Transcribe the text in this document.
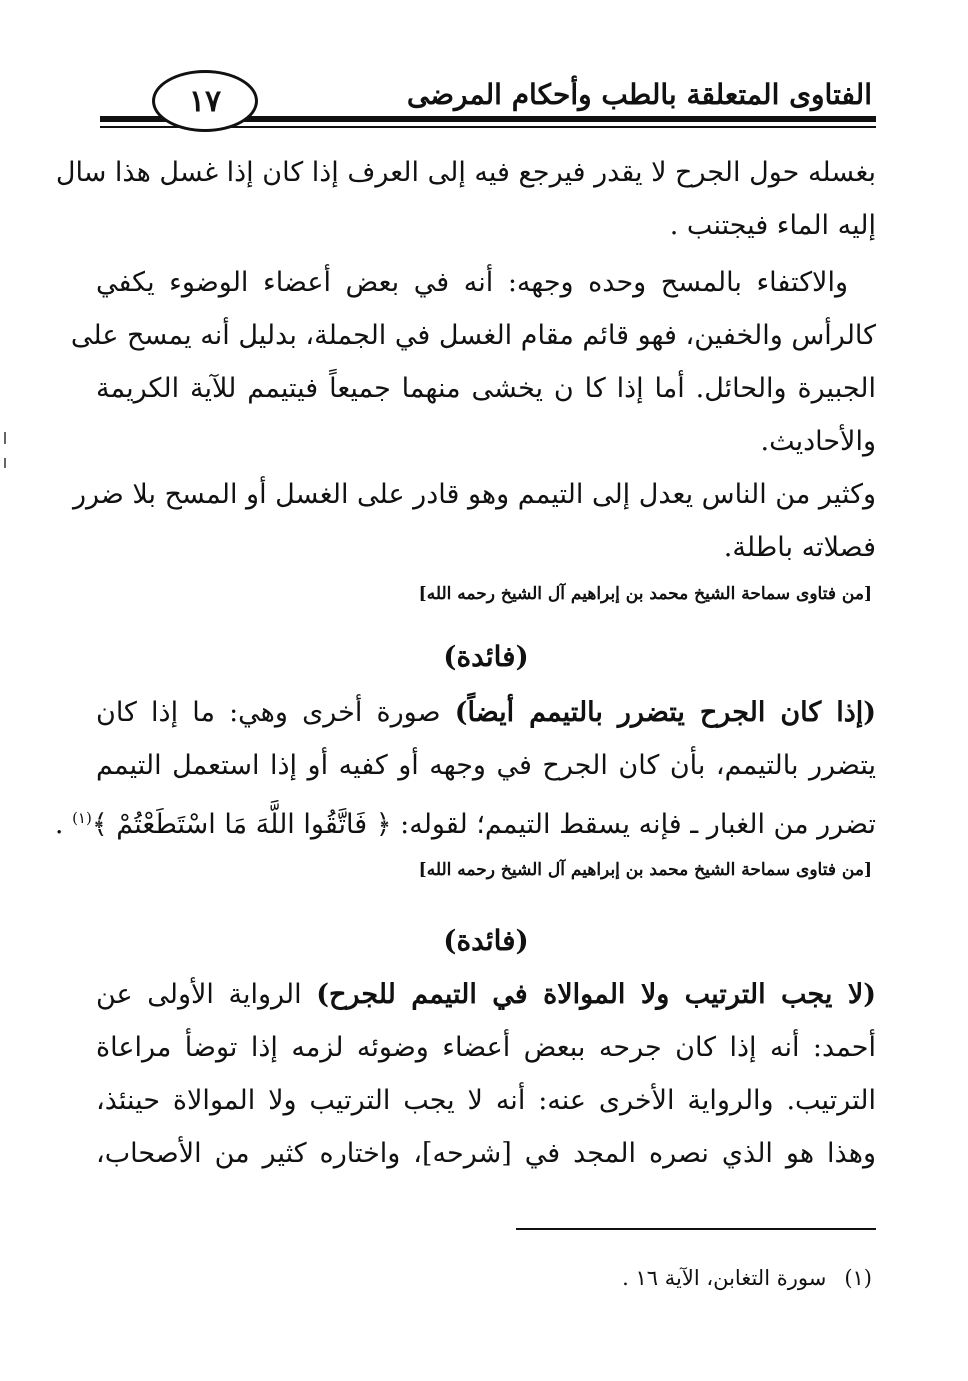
الفتاوى المتعلقة بالطب وأحكام المرضى
١٧
بغسله حول الجرح لا يقدر فيرجع فيه إلى العرف إذا كان إذا غسل هذا سال
إليه الماء فيجتنب .
والاكتفاء بالمسح وحده وجهه: أنه في بعض أعضاء الوضوء يكفي
كالرأس والخفين، فهو قائم مقام الغسل في الجملة، بدليل أنه يمسح على
الجبيرة والحائل. أما إذا كا ن يخشى منهما جميعاً فيتيمم للآية الكريمة
والأحاديث.
وكثير من الناس يعدل إلى التيمم وهو قادر على الغسل أو المسح بلا ضرر
فصلاته باطلة.
[من فتاوى سماحة الشيخ محمد بن إبراهيم آل الشيخ رحمه الله]
(فائدة)
(إذا كان الجرح يتضرر بالتيمم أيضاً) صورة أخرى وهي: ما إذا كان
يتضرر بالتيمم، بأن كان الجرح في وجهه أو كفيه أو إذا استعمل التيمم
تضرر من الغبار ـ فإنه يسقط التيمم؛ لقوله: ﴿ فَاتَّقُوا اللَّهَ مَا اسْتَطَعْتُمْ ﴾$^{(١)}$ .
[من فتاوى سماحة الشيخ محمد بن إبراهيم آل الشيخ رحمه الله]
(فائدة)
(لا يجب الترتيب ولا الموالاة في التيمم للجرح) الرواية الأولى عن
أحمد: أنه إذا كان جرحه ببعض أعضاء وضوئه لزمه إذا توضأ مراعاة
الترتيب. والرواية الأخرى عنه: أنه لا يجب الترتيب ولا الموالاة حينئذ،
وهذا هو الذي نصره المجد في [شرحه]، واختاره كثير من الأصحاب،
(١)سورة التغابن، الآية ١٦ .
